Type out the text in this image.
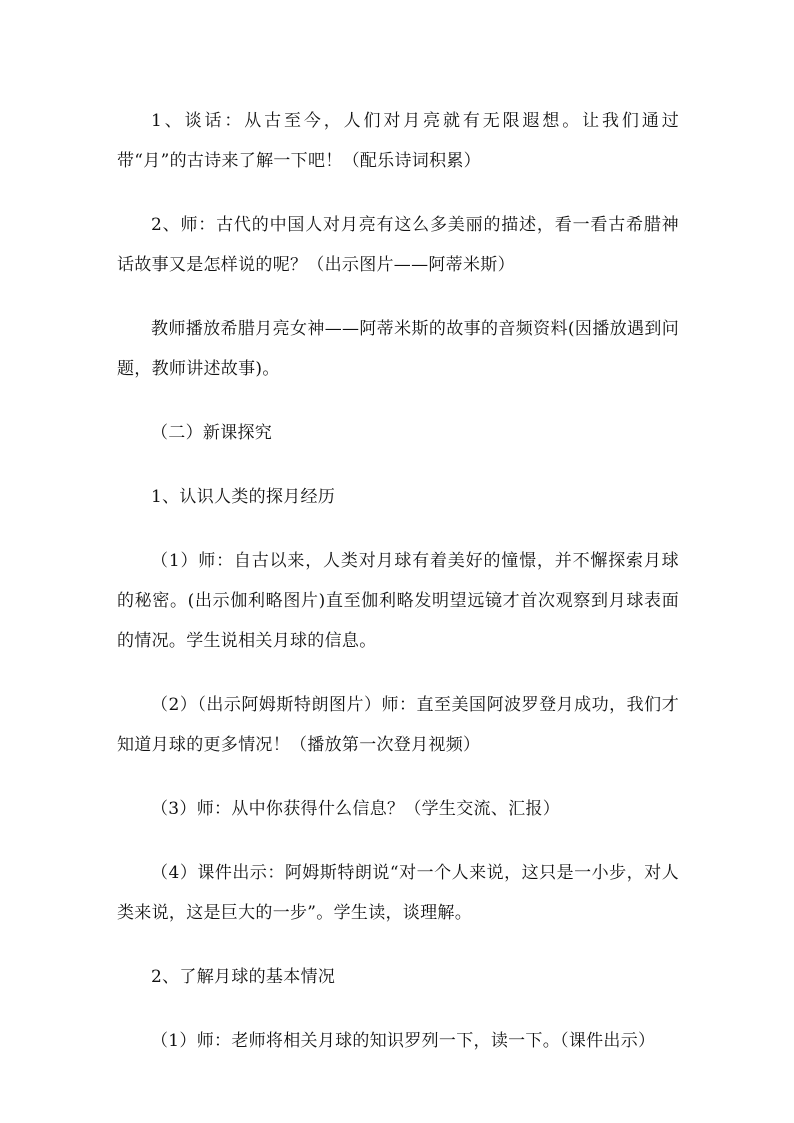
1、谈话：从古至今，人们对月亮就有无限遐想。让我们通过带“月”的古诗来了解一下吧！（配乐诗词积累）

2、师：古代的中国人对月亮有这么多美丽的描述，看一看古希腊神话故事又是怎样说的呢？（出示图片——阿蒂米斯）

教师播放希腊月亮女神——阿蒂米斯的故事的音频资料(因播放遇到问题，教师讲述故事)。

（二）新课探究

1、认识人类的探月经历

（1）师：自古以来，人类对月球有着美好的憧憬，并不懈探索月球的秘密。(出示伽利略图片)直至伽利略发明望远镜才首次观察到月球表面的情况。学生说相关月球的信息。

（2）（出示阿姆斯特朗图片）师：直至美国阿波罗登月成功，我们才知道月球的更多情况！（播放第一次登月视频）

（3）师：从中你获得什么信息？（学生交流、汇报）

（4）课件出示：阿姆斯特朗说“对一个人来说，这只是一小步，对人类来说，这是巨大的一步”。学生读，谈理解。

2、了解月球的基本情况

（1）师：老师将相关月球的知识罗列一下，读一下。（课件出示）
